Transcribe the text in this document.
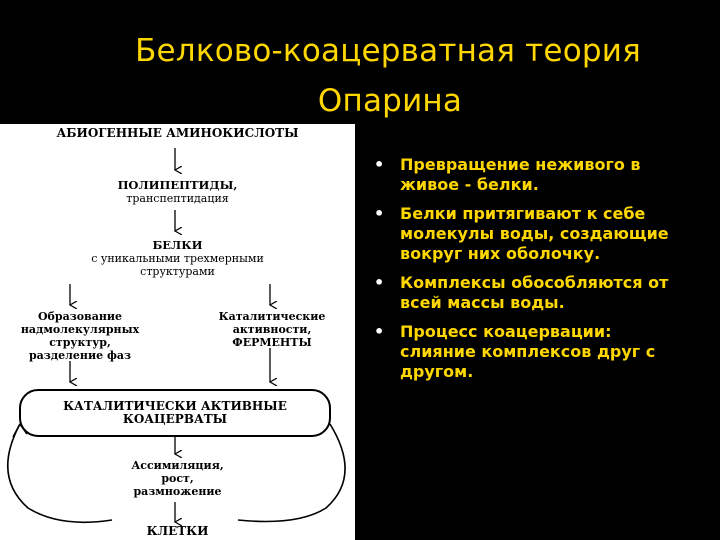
Белково-коацерватная теория
Опарина
АБИОГЕННЫЕ АМИНОКИСЛОТЫ
ПОЛИПЕПТИДЫ,
транспептидация
БЕЛКИ
с уникальными трехмерными
структурами
Образование
надмолекулярных
структур,
разделение фаз
Каталитические
активности,
ФЕРМЕНТЫ
КАТАЛИТИЧЕСКИ АКТИВНЫЕ
КОАЦЕРВАТЫ
Ассимиляция,
рост,
размножение
КЛЕТКИ
• Превращение неживого в живое - белки.
• Белки притягивают к себе молекулы воды, создающие вокруг них оболочку.
• Комплексы обособляются от всей массы воды.
• Процесс коацервации: слияние комплексов друг с другом.
